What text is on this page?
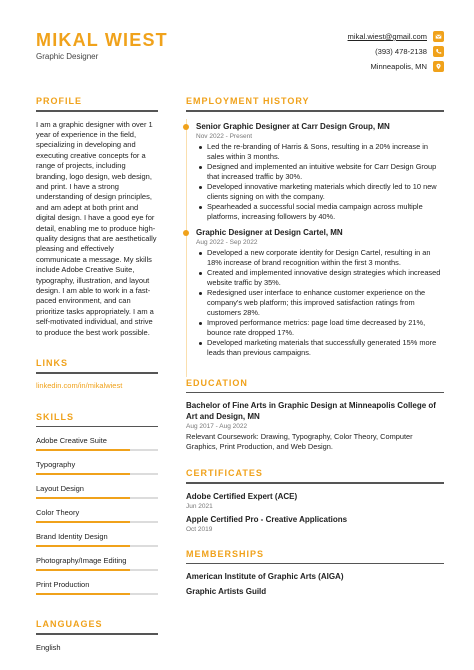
MIKAL WIEST
Graphic Designer
mikal.wiest@gmail.com
(393) 478-2138
Minneapolis, MN
PROFILE
I am a graphic designer with over 1 year of experience in the field, specializing in developing and executing creative concepts for a range of projects, including branding, logo design, web design, and print. I have a strong understanding of design principles, and am adept at both print and digital design. I have a good eye for detail, enabling me to produce high-quality designs that are aesthetically pleasing and effectively communicate a message. My skills include Adobe Creative Suite, typography, illustration, and layout design. I am able to work in a fast-paced environment, and can prioritize tasks appropriately. I am a self-motivated individual, and strive to produce the best work possible.
LINKS
linkedin.com/in/mikalwiest
SKILLS
Adobe Creative Suite
Typography
Layout Design
Color Theory
Brand Identity Design
Photography/Image Editing
Print Production
LANGUAGES
English
EMPLOYMENT HISTORY
Senior Graphic Designer at Carr Design Group, MN
Nov 2022 - Present
Led the re-branding of Harris & Sons, resulting in a 20% increase in sales within 3 months.
Designed and implemented an intuitive website for Carr Design Group that increased traffic by 30%.
Developed innovative marketing materials which directly led to 10 new clients signing on with the company.
Spearheaded a successful social media campaign across multiple platforms, increasing followers by 40%.
Graphic Designer at Design Cartel, MN
Aug 2022 - Sep 2022
Developed a new corporate identity for Design Cartel, resulting in an 18% increase of brand recognition within the first 3 months.
Created and implemented innovative design strategies which increased website traffic by 35%.
Redesigned user interface to enhance customer experience on the company's web platform; this improved satisfaction ratings from customers 28%.
Improved performance metrics: page load time decreased by 21%, bounce rate dropped 17%.
Developed marketing materials that successfully generated 15% more leads than previous campaigns.
EDUCATION
Bachelor of Fine Arts in Graphic Design at Minneapolis College of Art and Design, MN
Aug 2017 - Aug 2022
Relevant Coursework: Drawing, Typography, Color Theory, Computer Graphics, Print Production, and Web Design.
CERTIFICATES
Adobe Certified Expert (ACE)
Jun 2021
Apple Certified Pro - Creative Applications
Oct 2019
MEMBERSHIPS
American Institute of Graphic Arts (AIGA)
Graphic Artists Guild
